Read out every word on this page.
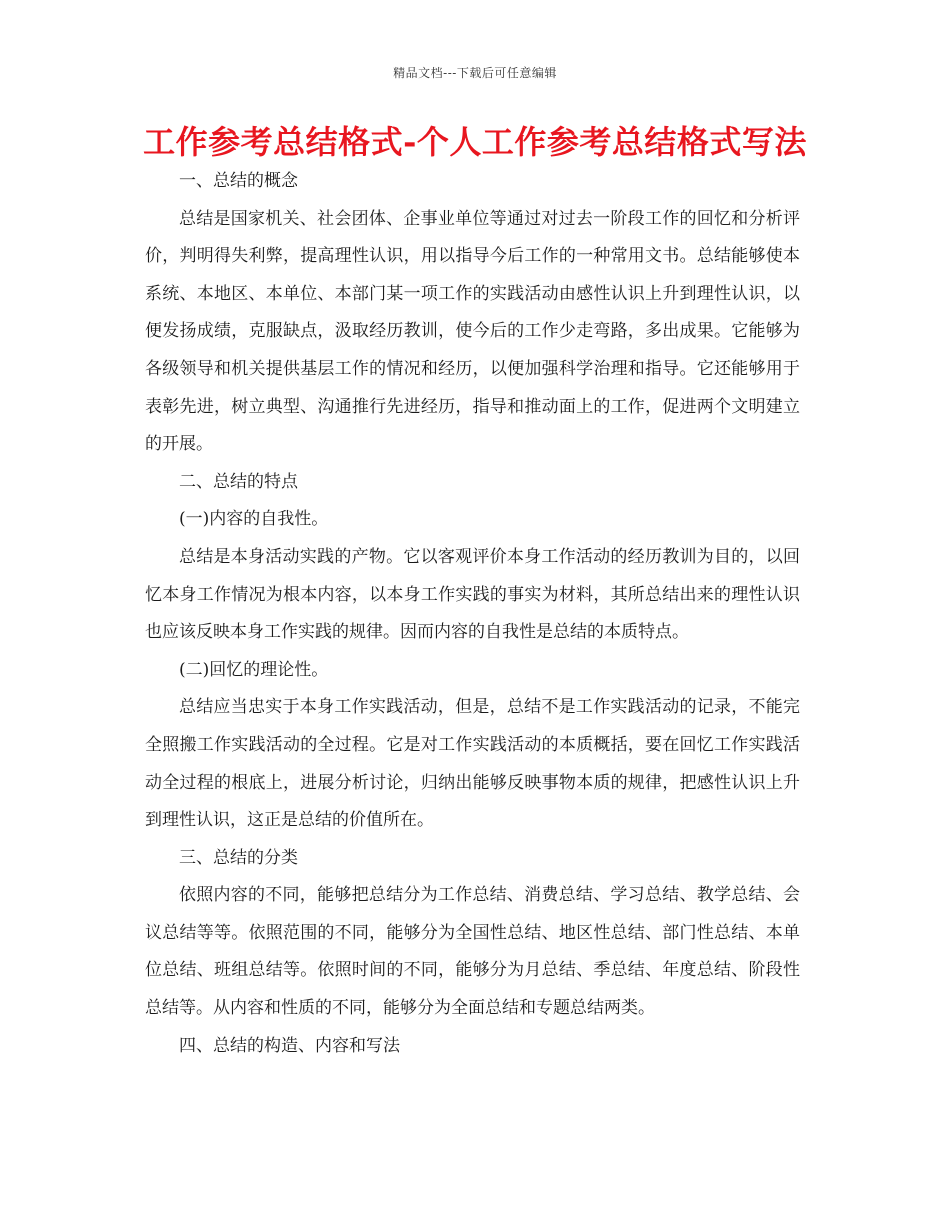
精品文档---下载后可任意编辑
工作参考总结格式-个人工作参考总结格式写法

一、总结的概念

总结是国家机关、社会团体、企事业单位等通过对过去一阶段工作的回忆和分析评价，判明得失利弊，提高理性认识，用以指导今后工作的一种常用文书。总结能够使本系统、本地区、本单位、本部门某一项工作的实践活动由感性认识上升到理性认识，以便发扬成绩，克服缺点，汲取经历教训，使今后的工作少走弯路，多出成果。它能够为各级领导和机关提供基层工作的情况和经历，以便加强科学治理和指导。它还能够用于表彰先进，树立典型、沟通推行先进经历，指导和推动面上的工作，促进两个文明建立的开展。

二、总结的特点

(一)内容的自我性。

总结是本身活动实践的产物。它以客观评价本身工作活动的经历教训为目的，以回忆本身工作情况为根本内容，以本身工作实践的事实为材料，其所总结出来的理性认识也应该反映本身工作实践的规律。因而内容的自我性是总结的本质特点。

(二)回忆的理论性。

总结应当忠实于本身工作实践活动，但是，总结不是工作实践活动的记录，不能完全照搬工作实践活动的全过程。它是对工作实践活动的本质概括，要在回忆工作实践活动全过程的根底上，进展分析讨论，归纳出能够反映事物本质的规律，把感性认识上升到理性认识，这正是总结的价值所在。

三、总结的分类

依照内容的不同，能够把总结分为工作总结、消费总结、学习总结、教学总结、会议总结等等。依照范围的不同，能够分为全国性总结、地区性总结、部门性总结、本单位总结、班组总结等。依照时间的不同，能够分为月总结、季总结、年度总结、阶段性总结等。从内容和性质的不同，能够分为全面总结和专题总结两类。

四、总结的构造、内容和写法
